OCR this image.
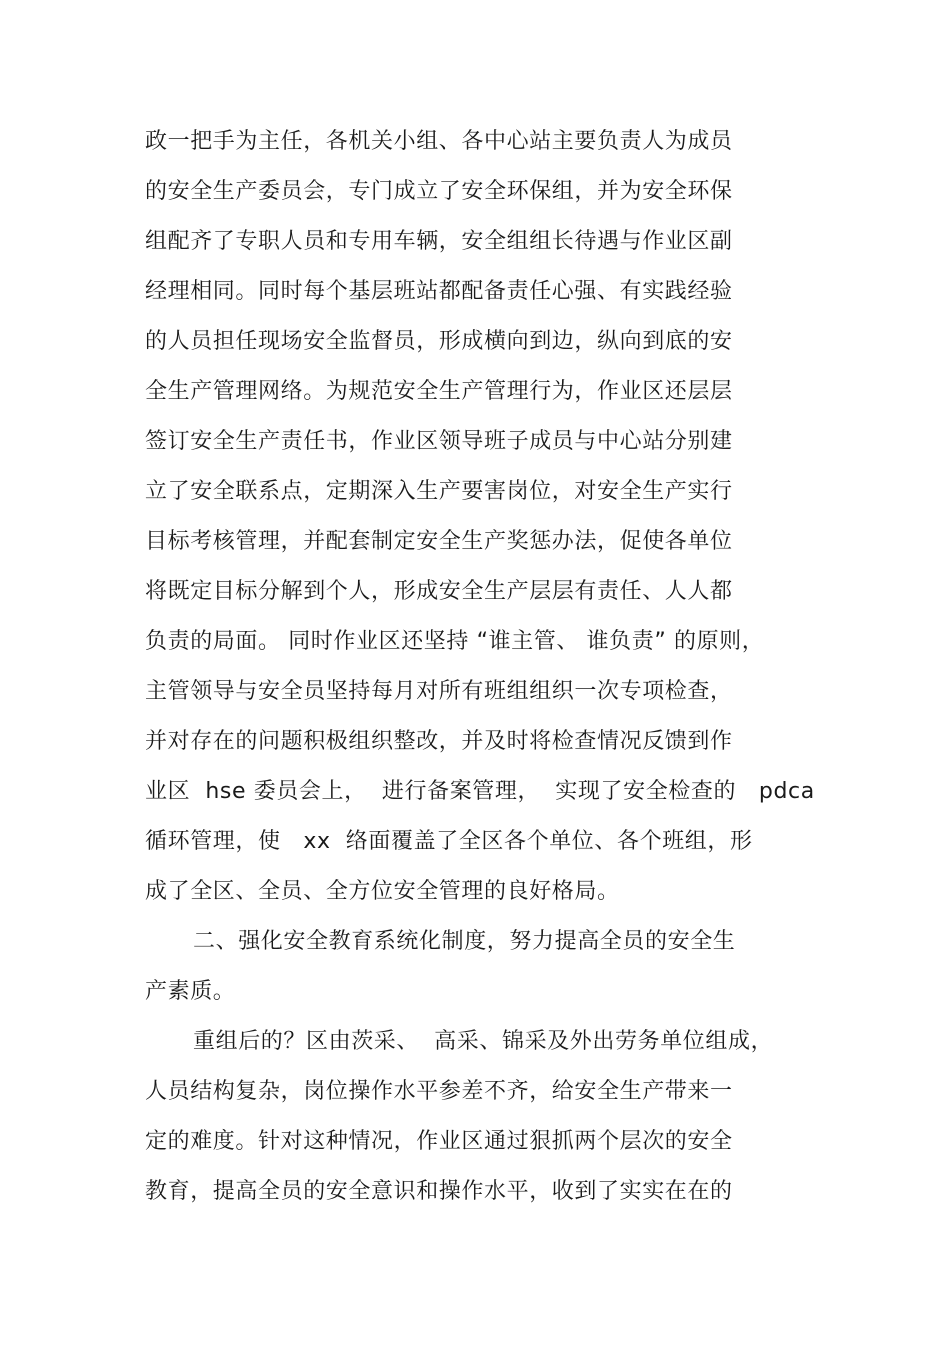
政一把手为主任，各机关小组、各中心站主要负责人为成员

的安全生产委员会，专门成立了安全环保组，并为安全环保

组配齐了专职人员和专用车辆，安全组组长待遇与作业区副

经理相同。同时每个基层班站都配备责任心强、有实践经验

的人员担任现场安全监督员，形成横向到边，纵向到底的安

全生产管理网络。为规范安全生产管理行为，作业区还层层

签订安全生产责任书，作业区领导班子成员与中心站分别建

立了安全联系点，定期深入生产要害岗位，对安全生产实行

目标考核管理，并配套制定安全生产奖惩办法，促使各单位

将既定目标分解到个人，形成安全生产层层有责任、人人都

负责的局面。 同时作业区还坚持 “谁主管、 谁负责” 的原则，

主管领导与安全员坚持每月对所有班组组织一次专项检查，

并对存在的问题积极组织整改，并及时将检查情况反馈到作

业区  hse 委员会上，  进行备案管理，  实现了安全检查的   pdca

循环管理，使   xx  络面覆盖了全区各个单位、各个班组，形

成了全区、全员、全方位安全管理的良好格局。

二、强化安全教育系统化制度，努力提高全员的安全生

产素质。

重组后的？区由茨采、  高采、锦采及外出劳务单位组成，

人员结构复杂，岗位操作水平参差不齐，给安全生产带来一

定的难度。针对这种情况，作业区通过狠抓两个层次的安全

教育，提高全员的安全意识和操作水平，收到了实实在在的
